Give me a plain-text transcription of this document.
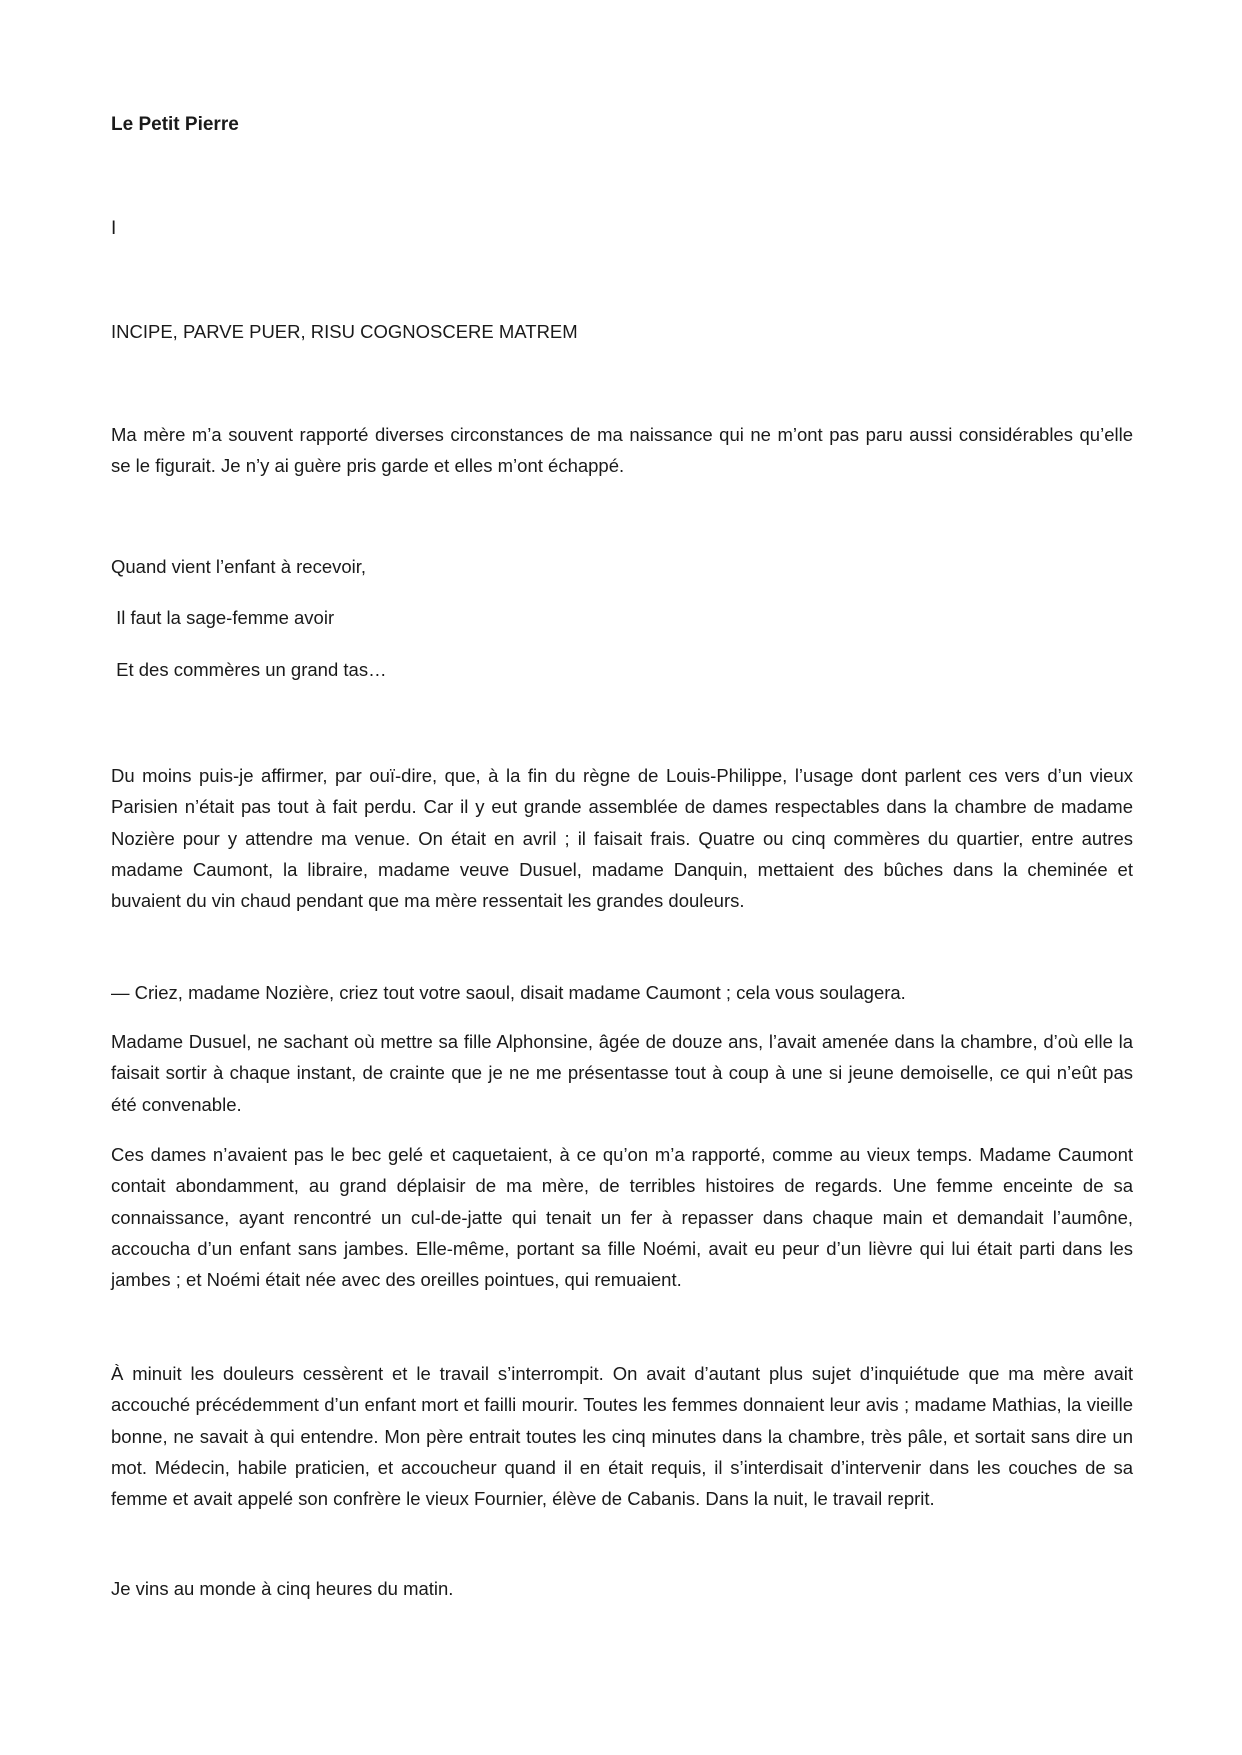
Le Petit Pierre
I
INCIPE, PARVE PUER, RISU COGNOSCERE MATREM

Ma mère m’a souvent rapporté diverses circonstances de ma naissance qui ne m’ont pas paru aussi considérables qu’elle se le figurait. Je n’y ai guère pris garde et elles m’ont échappé.

Quand vient l’enfant à recevoir,
Il faut la sage-femme avoir
Et des commères un grand tas…

Du moins puis-je affirmer, par ouï-dire, que, à la fin du règne de Louis-Philippe, l’usage dont parlent ces vers d’un vieux Parisien n’était pas tout à fait perdu. Car il y eut grande assemblée de dames respectables dans la chambre de madame Nozière pour y attendre ma venue. On était en avril ; il faisait frais. Quatre ou cinq commères du quartier, entre autres madame Caumont, la libraire, madame veuve Dusuel, madame Danquin, mettaient des bûches dans la cheminée et buvaient du vin chaud pendant que ma mère ressentait les grandes douleurs.

— Criez, madame Nozière, criez tout votre saoul, disait madame Caumont ; cela vous soulagera.

Madame Dusuel, ne sachant où mettre sa fille Alphonsine, âgée de douze ans, l’avait amenée dans la chambre, d’où elle la faisait sortir à chaque instant, de crainte que je ne me présentasse tout à coup à une si jeune demoiselle, ce qui n’eût pas été convenable.

Ces dames n’avaient pas le bec gelé et caquetaient, à ce qu’on m’a rapporté, comme au vieux temps. Madame Caumont contait abondamment, au grand déplaisir de ma mère, de terribles histoires de regards. Une femme enceinte de sa connaissance, ayant rencontré un cul-de-jatte qui tenait un fer à repasser dans chaque main et demandait l’aumône, accoucha d’un enfant sans jambes. Elle-même, portant sa fille Noémi, avait eu peur d’un lièvre qui lui était parti dans les jambes ; et Noémi était née avec des oreilles pointues, qui remuaient.

À minuit les douleurs cessèrent et le travail s’interrompit. On avait d’autant plus sujet d’inquiétude que ma mère avait accouché précédemment d’un enfant mort et failli mourir. Toutes les femmes donnaient leur avis ; madame Mathias, la vieille bonne, ne savait à qui entendre. Mon père entrait toutes les cinq minutes dans la chambre, très pâle, et sortait sans dire un mot. Médecin, habile praticien, et accoucheur quand il en était requis, il s’interdisait d’intervenir dans les couches de sa femme et avait appelé son confrère le vieux Fournier, élève de Cabanis. Dans la nuit, le travail reprit.

Je vins au monde à cinq heures du matin.
